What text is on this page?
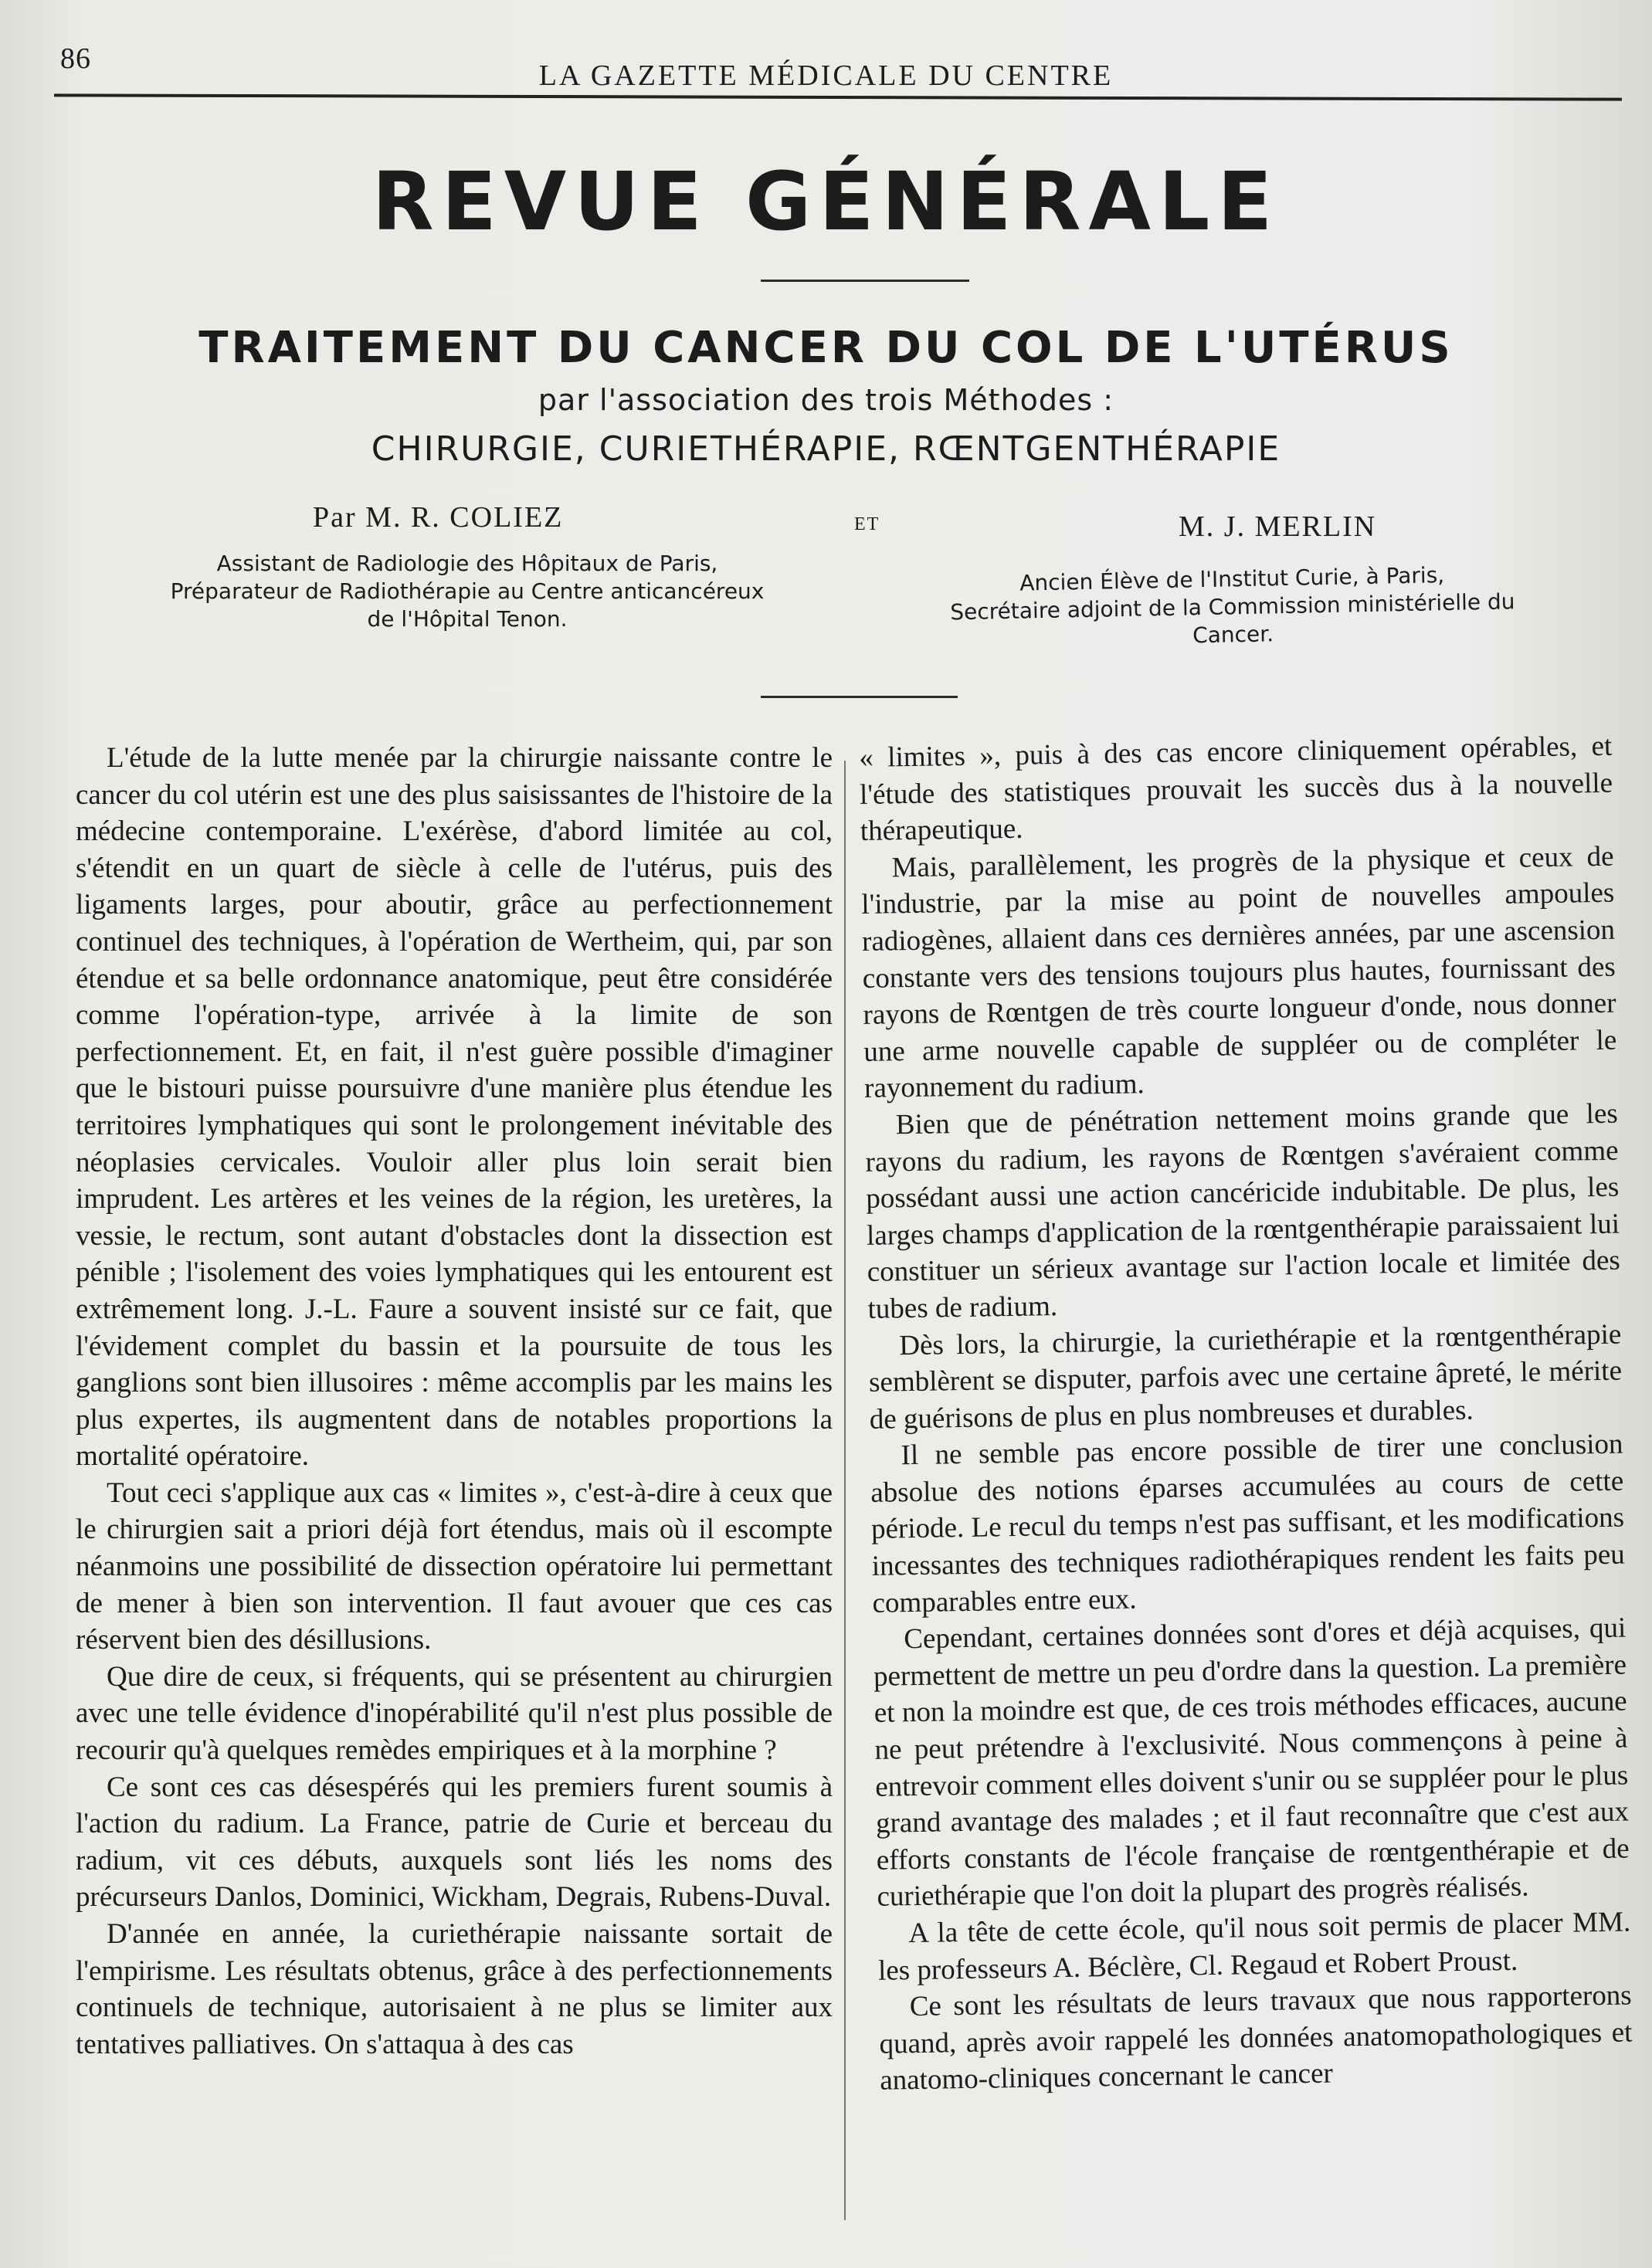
86
LA GAZETTE MÉDICALE DU CENTRE
REVUE GÉNÉRALE
TRAITEMENT DU CANCER DU COL DE L'UTÉRUS
par l'association des trois Méthodes :
CHIRURGIE, CURIETHÉRAPIE, RŒNTGENTHÉRAPIE
Par M. R. COLIEZ	ET	M. J. MERLIN
Assistant de Radiologie des Hôpitaux de Paris,
Préparateur de Radiothérapie au Centre anticancéreux
de l'Hôpital Tenon.
Ancien Élève de l'Institut Curie, à Paris,
Secrétaire adjoint de la Commission ministérielle du Cancer.

L'étude de la lutte menée par la chirurgie naissante contre le cancer du col utérin est une des plus saisissantes de l'histoire de la médecine contemporaine. L'exérèse, d'abord limitée au col, s'étendit en un quart de siècle à celle de l'utérus, puis des ligaments larges, pour aboutir, grâce au perfectionnement continuel des techniques, à l'opération de Wertheim, qui, par son étendue et sa belle ordonnance anatomique, peut être considérée comme l'opération-type, arrivée à la limite de son perfectionnement. Et, en fait, il n'est guère possible d'imaginer que le bistouri puisse poursuivre d'une manière plus étendue les territoires lymphatiques qui sont le prolongement inévitable des néoplasies cervicales. Vouloir aller plus loin serait bien imprudent. Les artères et les veines de la région, les uretères, la vessie, le rectum, sont autant d'obstacles dont la dissection est pénible ; l'isolement des voies lymphatiques qui les entourent est extrêmement long. J.-L. Faure a souvent insisté sur ce fait, que l'évidement complet du bassin et la poursuite de tous les ganglions sont bien illusoires : même accomplis par les mains les plus expertes, ils augmentent dans de notables proportions la mortalité opératoire.

Tout ceci s'applique aux cas « limites », c'est-à-dire à ceux que le chirurgien sait a priori déjà fort étendus, mais où il escompte néanmoins une possibilité de dissection opératoire lui permettant de mener à bien son intervention. Il faut avouer que ces cas réservent bien des désillusions.

Que dire de ceux, si fréquents, qui se présentent au chirurgien avec une telle évidence d'inopérabilité qu'il n'est plus possible de recourir qu'à quelques remèdes empiriques et à la morphine ?

Ce sont ces cas désespérés qui les premiers furent soumis à l'action du radium. La France, patrie de Curie et berceau du radium, vit ces débuts, auxquels sont liés les noms des précurseurs Danlos, Dominici, Wickham, Degrais, Rubens-Duval.

D'année en année, la curiethérapie naissante sortait de l'empirisme. Les résultats obtenus, grâce à des perfectionnements continuels de technique, autorisaient à ne plus se limiter aux tentatives palliatives. On s'attaqua à des cas

« limites », puis à des cas encore cliniquement opérables, et l'étude des statistiques prouvait les succès dus à la nouvelle thérapeutique.

Mais, parallèlement, les progrès de la physique et ceux de l'industrie, par la mise au point de nouvelles ampoules radiogènes, allaient dans ces dernières années, par une ascension constante vers des tensions toujours plus hautes, fournissant des rayons de Rœntgen de très courte longueur d'onde, nous donner une arme nouvelle capable de suppléer ou de compléter le rayonnement du radium.

Bien que de pénétration nettement moins grande que les rayons du radium, les rayons de Rœntgen s'avéraient comme possédant aussi une action cancéricide indubitable. De plus, les larges champs d'application de la rœntgenthérapie paraissaient lui constituer un sérieux avantage sur l'action locale et limitée des tubes de radium.

Dès lors, la chirurgie, la curiethérapie et la rœntgenthérapie semblèrent se disputer, parfois avec une certaine âpreté, le mérite de guérisons de plus en plus nombreuses et durables.

Il ne semble pas encore possible de tirer une conclusion absolue des notions éparses accumulées au cours de cette période. Le recul du temps n'est pas suffisant, et les modifications incessantes des techniques radiothérapiques rendent les faits peu comparables entre eux.

Cependant, certaines données sont d'ores et déjà acquises, qui permettent de mettre un peu d'ordre dans la question. La première et non la moindre est que, de ces trois méthodes efficaces, aucune ne peut prétendre à l'exclusivité. Nous commençons à peine à entrevoir comment elles doivent s'unir ou se suppléer pour le plus grand avantage des malades ; et il faut reconnaître que c'est aux efforts constants de l'école française de rœntgenthérapie et de curiethérapie que l'on doit la plupart des progrès réalisés.

A la tête de cette école, qu'il nous soit permis de placer MM. les professeurs A. Béclère, Cl. Regaud et Robert Proust.

Ce sont les résultats de leurs travaux que nous rapporterons quand, après avoir rappelé les données anatomopathologiques et anatomo-cliniques concernant le cancer
